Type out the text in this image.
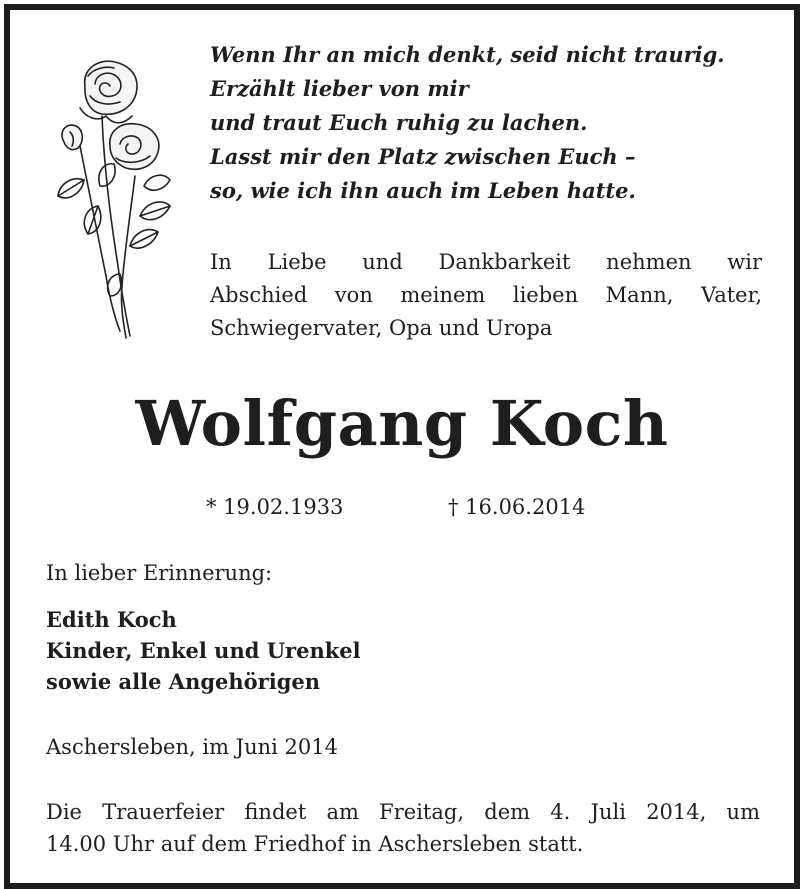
Wenn Ihr an mich denkt, seid nicht traurig.
Erzählt lieber von mir
und traut Euch ruhig zu lachen.
Lasst mir den Platz zwischen Euch –
so, wie ich ihn auch im Leben hatte.
In Liebe und Dankbarkeit nehmen wir
Abschied von meinem lieben Mann, Vater,
Schwiegervater, Opa und Uropa
Wolfgang Koch
* 19.02.1933	† 16.06.2014
In lieber Erinnerung:
Edith Koch
Kinder, Enkel und Urenkel
sowie alle Angehörigen
Aschersleben, im Juni 2014
Die Trauerfeier findet am Freitag, dem 4. Juli 2014, um
14.00 Uhr auf dem Friedhof in Aschersleben statt.
